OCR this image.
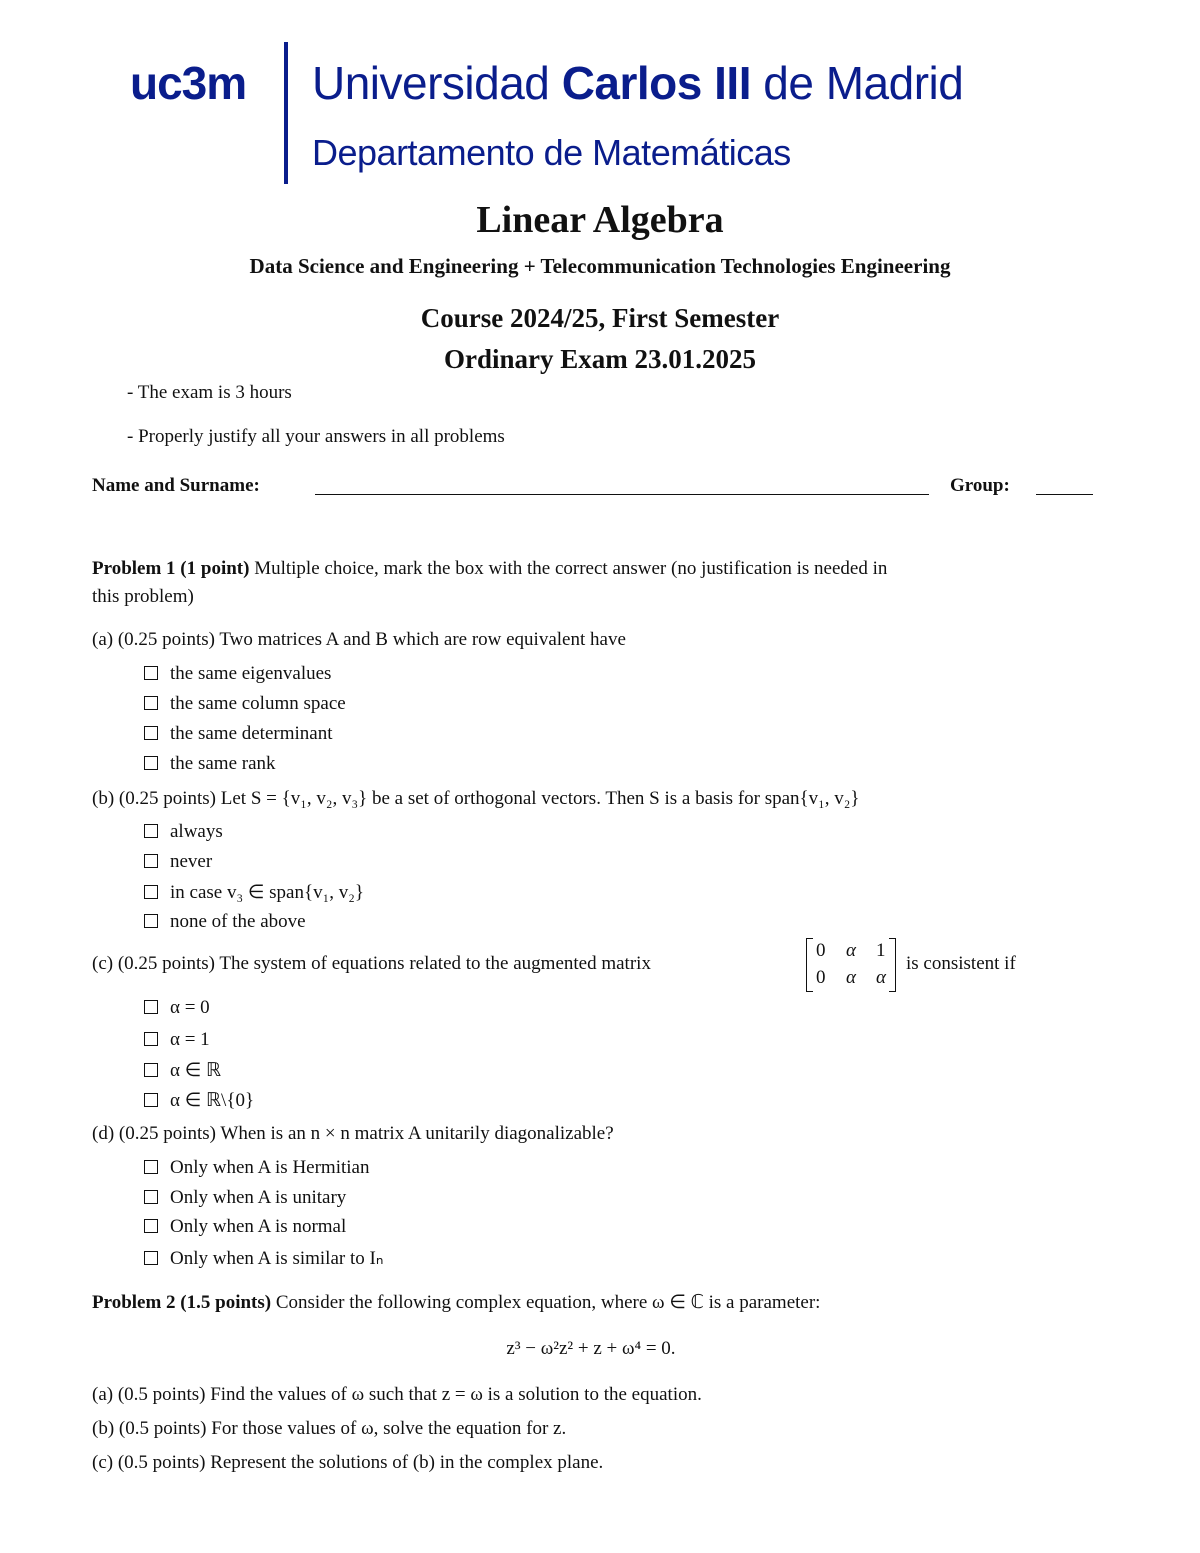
uc3m Universidad Carlos III de Madrid
Departamento de Matemáticas
Linear Algebra
Data Science and Engineering + Telecommunication Technologies Engineering
Course 2024/25, First Semester
Ordinary Exam 23.01.2025
- The exam is 3 hours
- Properly justify all your answers in all problems
Name and Surname:	Group:
Problem 1 (1 point) Multiple choice, mark the box with the correct answer (no justification is needed in
this problem)
(a) (0.25 points) Two matrices A and B which are row equivalent have
the same eigenvalues
the same column space
the same determinant
the same rank
(b) (0.25 points) Let S = {v₁, v₂, v₃} be a set of orthogonal vectors. Then S is a basis for span{v₁, v₂}
always
never
in case v₃ ∈ span{v₁, v₂}
none of the above
(c) (0.25 points) The system of equations related to the augmented matrix
0 α 1
0 α α
is consistent if
α = 0
α = 1
α ∈ ℝ
α ∈ ℝ\{0}
(d) (0.25 points) When is an n × n matrix A unitarily diagonalizable?
Only when A is Hermitian
Only when A is unitary
Only when A is normal
Only when A is similar to Iₙ
Problem 2 (1.5 points) Consider the following complex equation, where ω ∈ ℂ is a parameter:
z³ − ω²z² + z + ω⁴ = 0.
(a) (0.5 points) Find the values of ω such that z = ω is a solution to the equation.
(b) (0.5 points) For those values of ω, solve the equation for z.
(c) (0.5 points) Represent the solutions of (b) in the complex plane.
